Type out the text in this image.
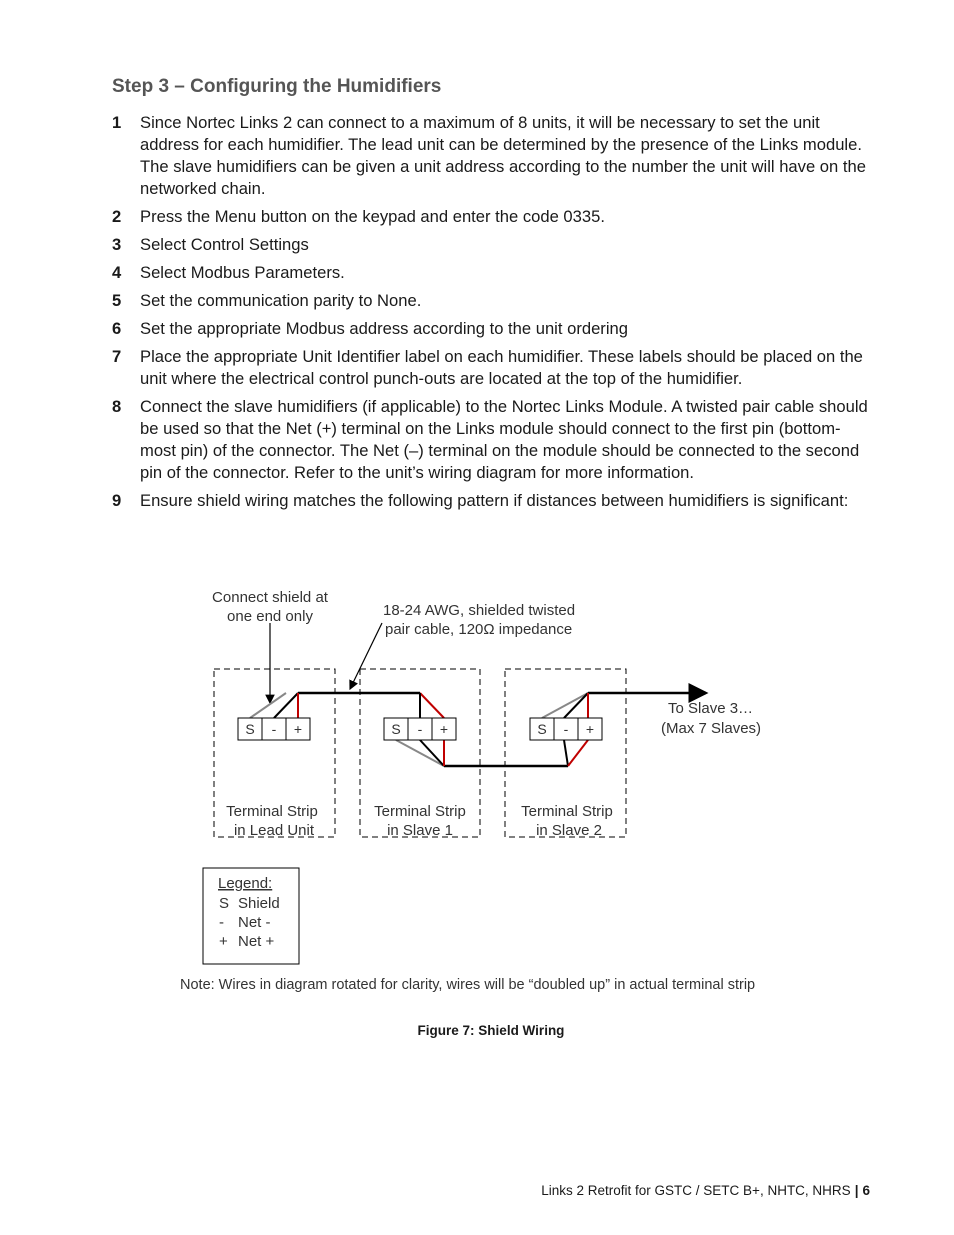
Step 3 – Configuring the Humidifiers
1 Since Nortec Links 2 can connect to a maximum of 8 units, it will be necessary to set the unit address for each humidifier. The lead unit can be determined by the presence of the Links module. The slave humidifiers can be given a unit address according to the number the unit will have on the networked chain.
2 Press the Menu button on the keypad and enter the code 0335.
3 Select Control Settings
4 Select Modbus Parameters.
5 Set the communication parity to None.
6 Set the appropriate Modbus address according to the unit ordering
7 Place the appropriate Unit Identifier label on each humidifier. These labels should be placed on the unit where the electrical control punch-outs are located at the top of the humidifier.
8 Connect the slave humidifiers (if applicable) to the Nortec Links Module. A twisted pair cable should be used so that the Net (+) terminal on the Links module should connect to the first pin (bottom-most pin) of the connector. The Net (–) terminal on the module should be connected to the second pin of the connector. Refer to the unit’s wiring diagram for more information.
9 Ensure shield wiring matches the following pattern if distances between humidifiers is significant:
Connect shield at
one end only	18-24 AWG, shielded twisted
pair cable, 120Ω impedance
S - +	S - +	S - +
To Slave 3…
(Max 7 Slaves)
Terminal Strip
in Lead Unit
Terminal Strip
in Slave 1
Terminal Strip
in Slave 2
Legend:
S Shield
- Net -
+ Net +
Note: Wires in diagram rotated for clarity, wires will be “doubled up” in actual terminal strip
Figure 7: Shield Wiring
Links 2 Retrofit for GSTC / SETC B+, NHTC, NHRS | 6
